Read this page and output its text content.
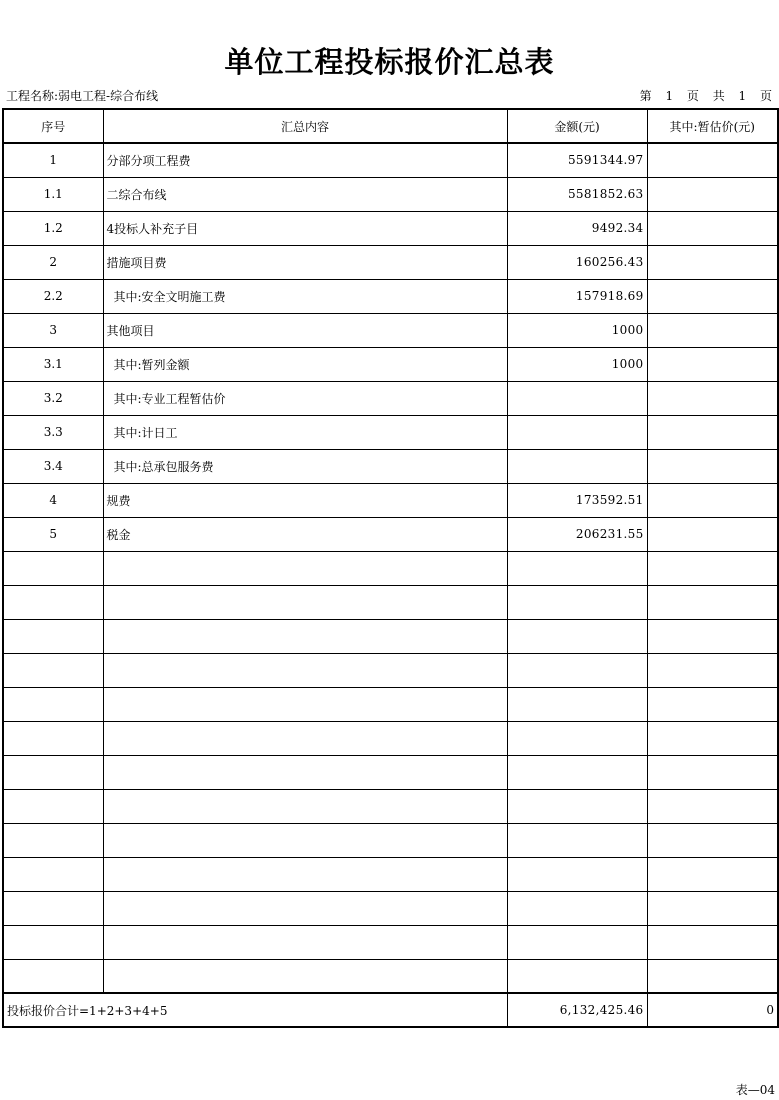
单位工程投标报价汇总表
工程名称:弱电工程-综合布线	第 1 页 共 1 页
序号	汇总内容	金额(元)	其中:暂估价(元)
1	分部分项工程费	5591344.97	
1.1	二综合布线	5581852.63	
1.2	4投标人补充子目	9492.34	
2	措施项目费	160256.43	
2.2	其中:安全文明施工费	157918.69	
3	其他项目	1000	
3.1	其中:暂列金额	1000	
3.2	其中:专业工程暂估价		
3.3	其中:计日工		
3.4	其中:总承包服务费		
4	规费	173592.51	
5	税金	206231.55	

投标报价合计=1+2+3+4+5		6,132,425.46	0
表—04
